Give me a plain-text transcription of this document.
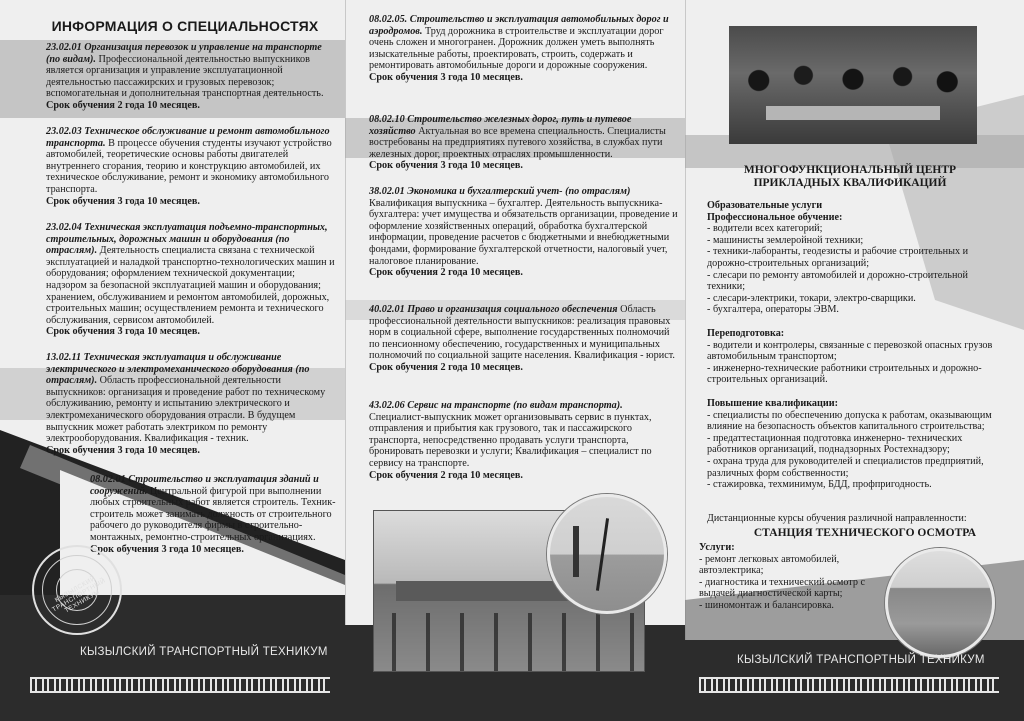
ИНФОРМАЦИЯ О СПЕЦИАЛЬНОСТЯХ
23.02.01 Организация перевозок и управление на транспорте (по видам). Профессиональной деятельностью выпускников является организация и управление эксплуатационной деятельностью пассажирских и грузовых перевозок; вспомогательная и дополнительная транспортная деятельность.
Срок обучения 2 года 10 месяцев.
23.02.03 Техническое обслуживание и ремонт автомобильного транспорта. В процессе обучения студенты изучают устройство автомобилей, теоретические основы работы двигателей внутреннего сгорания, теорию и конструкцию автомобилей, их техническое обслуживание, ремонт и экономику автомобильного транспорта.
Срок обучения 3 года 10 месяцев.
23.02.04 Техническая эксплуатация подъемно-транспортных, строительных, дорожных машин и оборудования (по отраслям). Деятельность специалиста связана с технической эксплуатацией и наладкой транспортно-технологических машин и оборудования; оформлением технической документации; надзором за безопасной эксплуатацией машин и оборудования; хранением, обслуживанием и ремонтом автомобилей, дорожных, строительных машин; осуществлением ремонта и технического обслуживания, сервисом автомобилей.
Срок обучения 3 года 10 месяцев.
13.02.11 Техническая эксплуатация и обслуживание электрического и электромеханического оборудования (по отраслям). Область профессиональной деятельности выпускников: организация и проведение работ по техническому обслуживанию, ремонту и испытанию электрического и электромеханического оборудования отрасли. В будущем выпускник может работать электриком по ремонту электрооборудования. Квалификация - техник.
Срок обучения 3 года 10 месяцев.
08.02.01 Строительство и эксплуатация зданий и сооружений. Центральной фигурой при выполнении любых строительных работ является строитель. Техник-строитель может занимать должность от строительного рабочего до руководителя фирмы в строительно-монтажных, ремонтно-строительных организациях.
Срок обучения 3 года 10 месяцев.
КЫЗЫЛСКИЙ ТРАНСПОРТНЫЙ ТЕХНИКУМ
КЫЗЫЛСКИЙ ТРАНСПОРТНЫЙ ТЕХНИКУМ
08.02.05. Строительство и эксплуатация автомобильных дорог и аэродромов. Труд дорожника в строительстве и эксплуатации дорог очень сложен и многогранен. Дорожник должен уметь выполнять изыскательные работы, проектировать, строить, содержать и ремонтировать автомобильные дороги и дорожные сооружения.
Срок обучения 3 года 10 месяцев.
08.02.10 Строительство железных дорог, путь и путевое хозяйство Актуальная во все времена специальность. Специалисты востребованы на предприятиях путевого хозяйства, в службах пути железных дорог, проектных отраслях промышленности.
Срок обучения 3 года 10 месяцев.
38.02.01 Экономика и бухгалтерский учет- (по отраслям) Квалификация выпускника – бухгалтер. Деятельность выпускника-бухгалтера: учет имущества и обязательств организации, проведение и оформление хозяйственных операций, обработка бухгалтерской информации, проведение расчетов с бюджетными и внебюджетными фондами, формирование бухгалтерской отчетности, налоговый учет, налоговое планирование.
Срок обучения 2 года 10 месяцев.
40.02.01 Право и организация социального обеспечения Область профессиональной деятельности выпускников: реализация правовых норм в социальной сфере, выполнение государственных полномочий по пенсионному обеспечению, государственных и муниципальных полномочий по социальной защите населения. Квалификация - юрист.
Срок обучения 2 года 10 месяцев.
43.02.06 Сервис на транспорте (по видам транспорта). Специалист-выпускник может организовывать сервис в пунктах, отправления и прибытия как грузового, так и пассажирского транспорта, непосредственно продавать услуги транспорта, бронировать перевозки и услуги; Квалификация – специалист по сервису на транспорте.
Срок обучения 2 года 10 месяцев.
МНОГОФУНКЦИОНАЛЬНЫЙ ЦЕНТР
ПРИКЛАДНЫХ КВАЛИФИКАЦИЙ
Образовательные услуги
Профессиональное обучение:
- водители всех категорий;
- машинисты землеройной техники;
- техники-лаборанты, геодезисты и рабочие строительных и дорожно-строительных организаций;
- слесари по ремонту автомобилей и дорожно-строительной техники;
- слесари-электрики, токари, электро-сварщики.
- бухгалтера, операторы ЭВМ.
Переподготовка:
- водители и контролеры, связанные с перевозкой опасных грузов автомобильным транспортом;
- инженерно-технические работники строительных и дорожно-строительных организаций.
Повышение квалификации:
- специалисты по обеспечению допуска к работам, оказывающим влияние на безопасность объектов капитального строительства;
- предаттестационная подготовка инженерно- технических работников организаций, поднадзорных Ростехнадзору;
- охрана труда для руководителей и специалистов предприятий, различных форм собственности;
- стажировка, техминимум, БДД, профпригодность.
Дистанционные курсы обучения различной направленности:
СТАНЦИЯ ТЕХНИЧЕСКОГО ОСМОТРА
Услуги:
- ремонт легковых автомобилей, автоэлектрика;
- диагностика и технический осмотр с выдачей диагностической карты;
- шиномонтаж и балансировка.
КЫЗЫЛСКИЙ ТРАНСПОРТНЫЙ ТЕХНИКУМ
